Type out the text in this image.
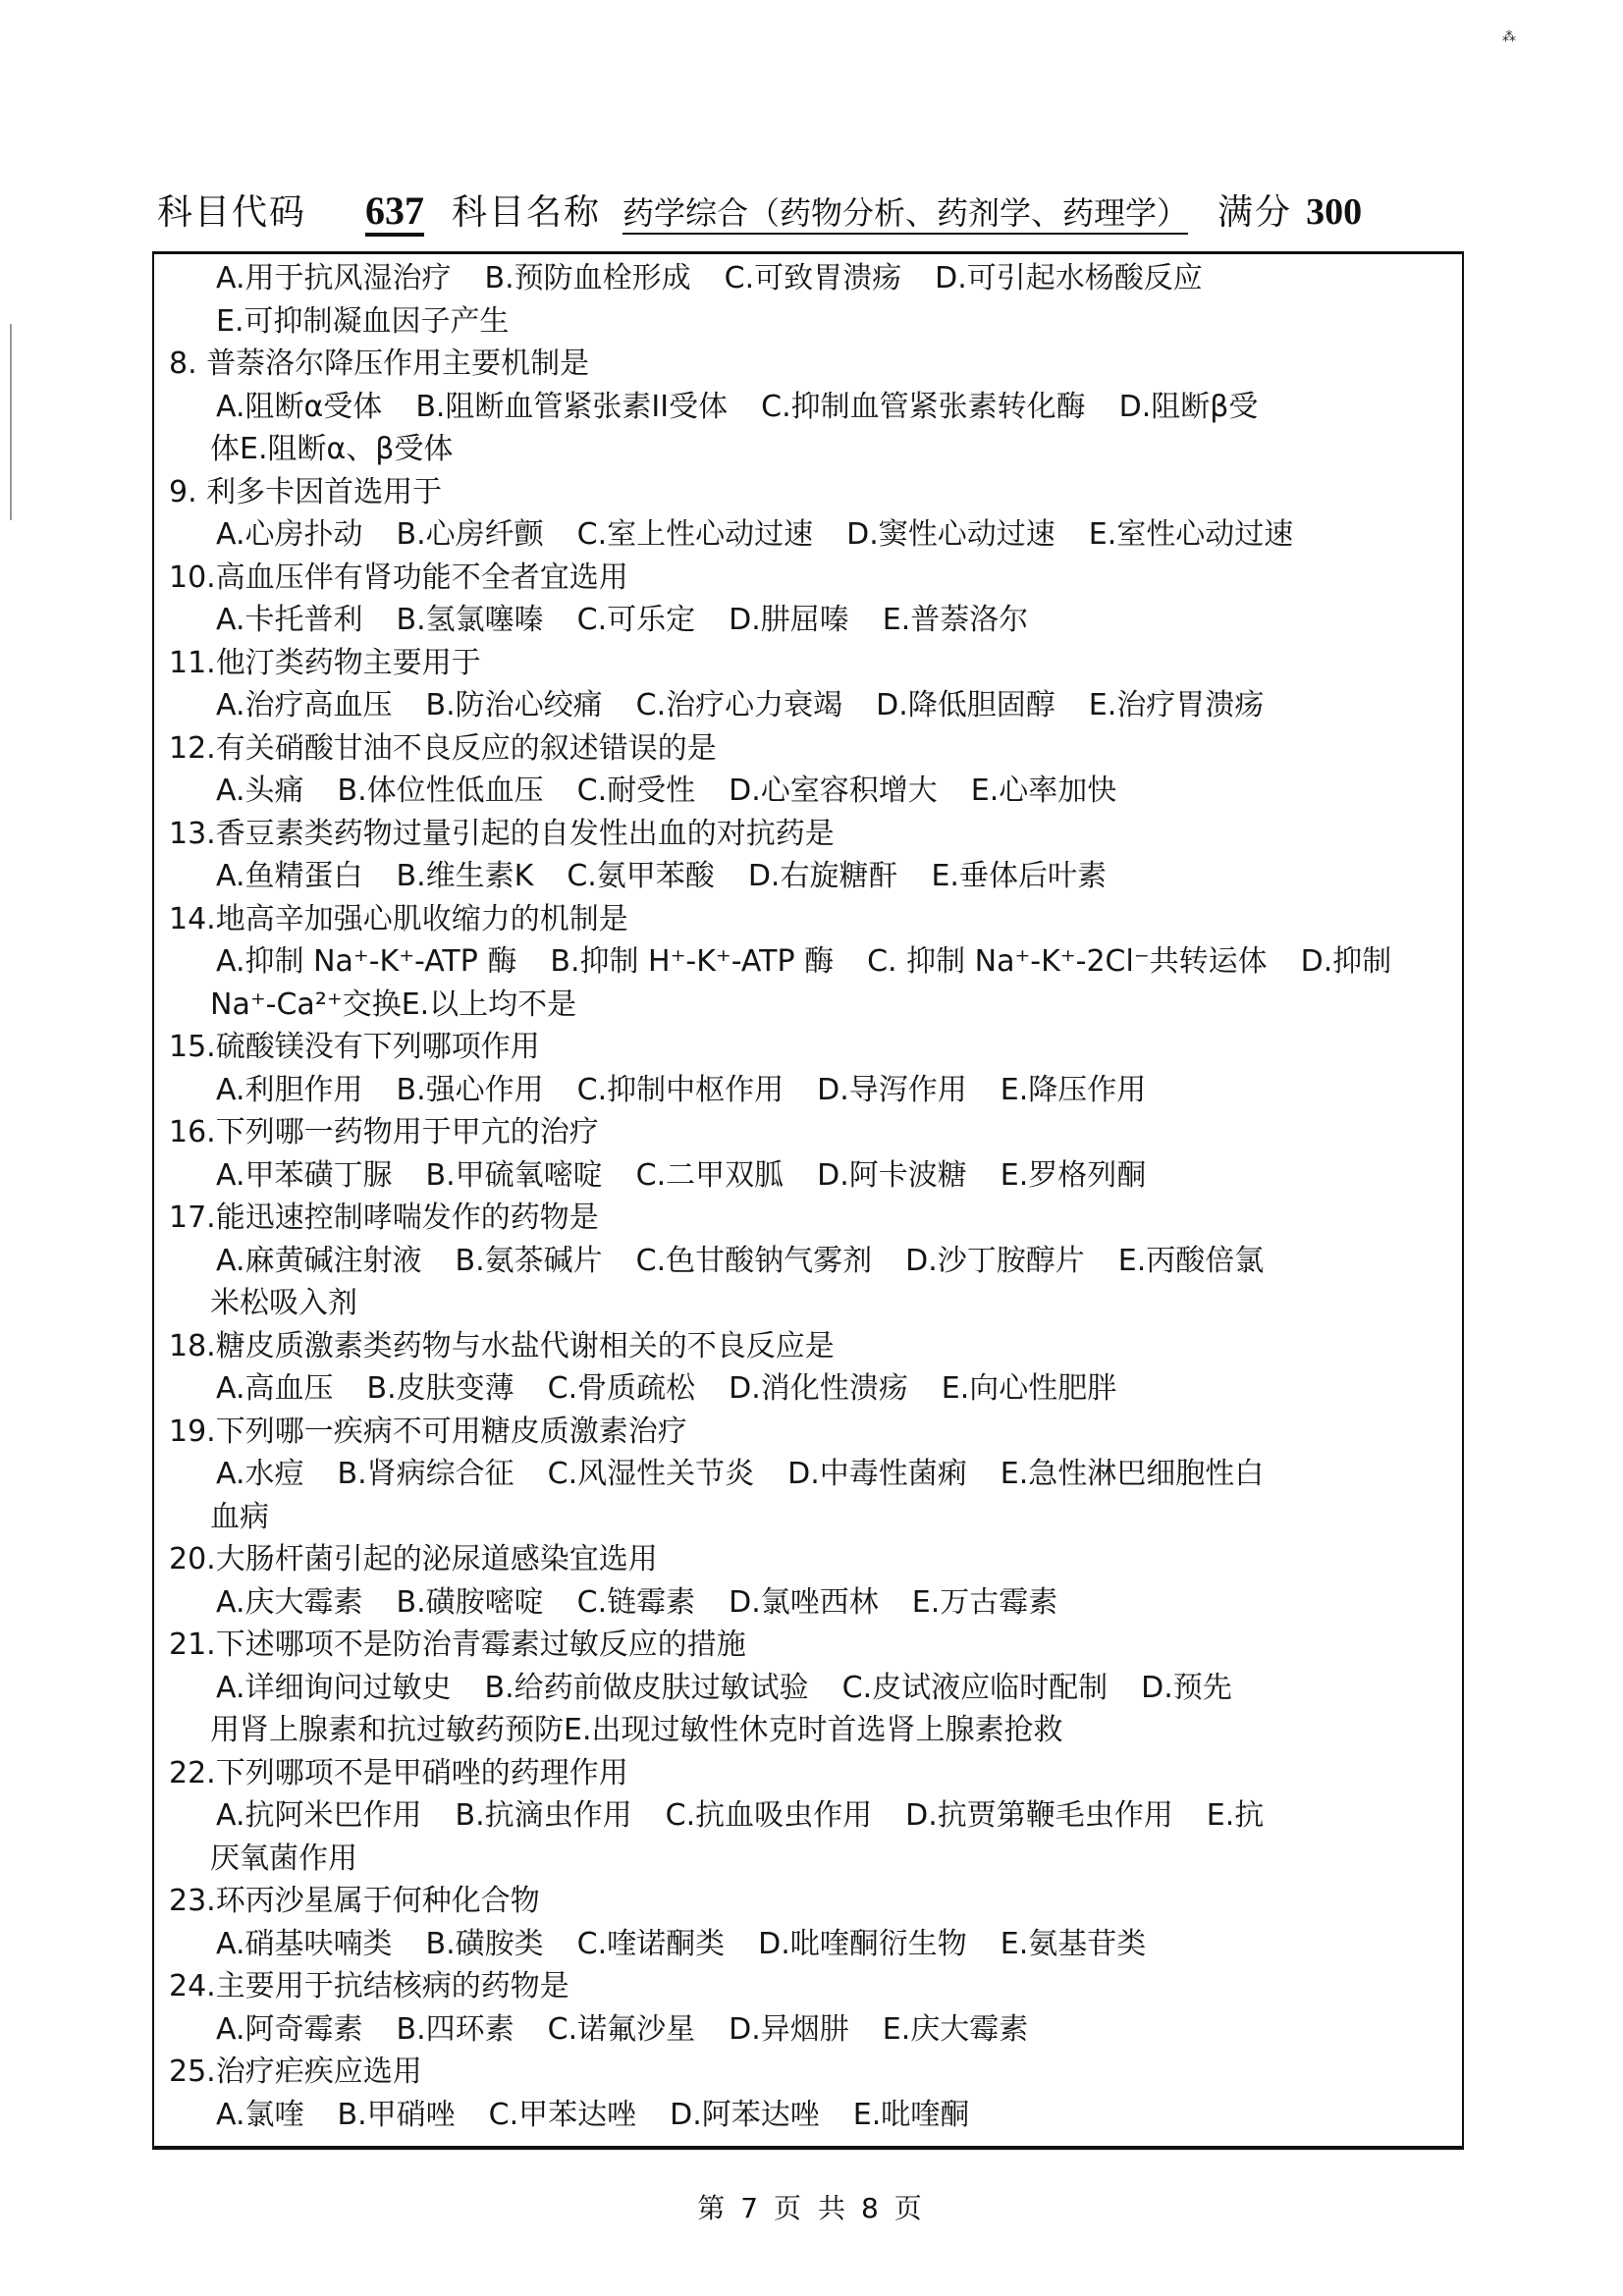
科目代码 637 科目名称 药学综合（药物分析、药剂学、药理学） 满分 300
⁂
A.用于抗风湿治疗 B.预防血栓形成 C.可致胃溃疡 D.可引起水杨酸反应
E.可抑制凝血因子产生
8. 普萘洛尔降压作用主要机制是
A.阻断α受体 B.阻断血管紧张素II受体 C.抑制血管紧张素转化酶 D.阻断β受
体E.阻断α、β受体
9. 利多卡因首选用于
A.心房扑动 B.心房纤颤 C.室上性心动过速 D.窦性心动过速 E.室性心动过速
10.高血压伴有肾功能不全者宜选用
A.卡托普利 B.氢氯噻嗪 C.可乐定 D.肼屈嗪 E.普萘洛尔
11.他汀类药物主要用于
A.治疗高血压 B.防治心绞痛 C.治疗心力衰竭 D.降低胆固醇 E.治疗胃溃疡
12.有关硝酸甘油不良反应的叙述错误的是
A.头痛 B.体位性低血压 C.耐受性 D.心室容积增大 E.心率加快
13.香豆素类药物过量引起的自发性出血的对抗药是
A.鱼精蛋白 B.维生素K C.氨甲苯酸 D.右旋糖酐 E.垂体后叶素
14.地高辛加强心肌收缩力的机制是
A.抑制 Na⁺-K⁺-ATP 酶 B.抑制 H⁺-K⁺-ATP 酶 C. 抑制 Na⁺-K⁺-2Cl⁻共转运体 D.抑制
Na⁺-Ca²⁺交换E.以上均不是
15.硫酸镁没有下列哪项作用
A.利胆作用 B.强心作用 C.抑制中枢作用 D.导泻作用 E.降压作用
16.下列哪一药物用于甲亢的治疗
A.甲苯磺丁脲 B.甲硫氧嘧啶 C.二甲双胍 D.阿卡波糖 E.罗格列酮
17.能迅速控制哮喘发作的药物是
A.麻黄碱注射液 B.氨茶碱片 C.色甘酸钠气雾剂 D.沙丁胺醇片 E.丙酸倍氯
米松吸入剂
18.糖皮质激素类药物与水盐代谢相关的不良反应是
A.高血压 B.皮肤变薄 C.骨质疏松 D.消化性溃疡 E.向心性肥胖
19.下列哪一疾病不可用糖皮质激素治疗
A.水痘 B.肾病综合征 C.风湿性关节炎 D.中毒性菌痢 E.急性淋巴细胞性白
血病
20.大肠杆菌引起的泌尿道感染宜选用
A.庆大霉素 B.磺胺嘧啶 C.链霉素 D.氯唑西林 E.万古霉素
21.下述哪项不是防治青霉素过敏反应的措施
A.详细询问过敏史 B.给药前做皮肤过敏试验 C.皮试液应临时配制 D.预先
用肾上腺素和抗过敏药预防E.出现过敏性休克时首选肾上腺素抢救
22.下列哪项不是甲硝唑的药理作用
A.抗阿米巴作用 B.抗滴虫作用 C.抗血吸虫作用 D.抗贾第鞭毛虫作用 E.抗
厌氧菌作用
23.环丙沙星属于何种化合物
A.硝基呋喃类 B.磺胺类 C.喹诺酮类 D.吡喹酮衍生物 E.氨基苷类
24.主要用于抗结核病的药物是
A.阿奇霉素 B.四环素 C.诺氟沙星 D.异烟肼 E.庆大霉素
25.治疗疟疾应选用
A.氯喹 B.甲硝唑 C.甲苯达唑 D.阿苯达唑 E.吡喹酮
第 7 页 共 8 页
